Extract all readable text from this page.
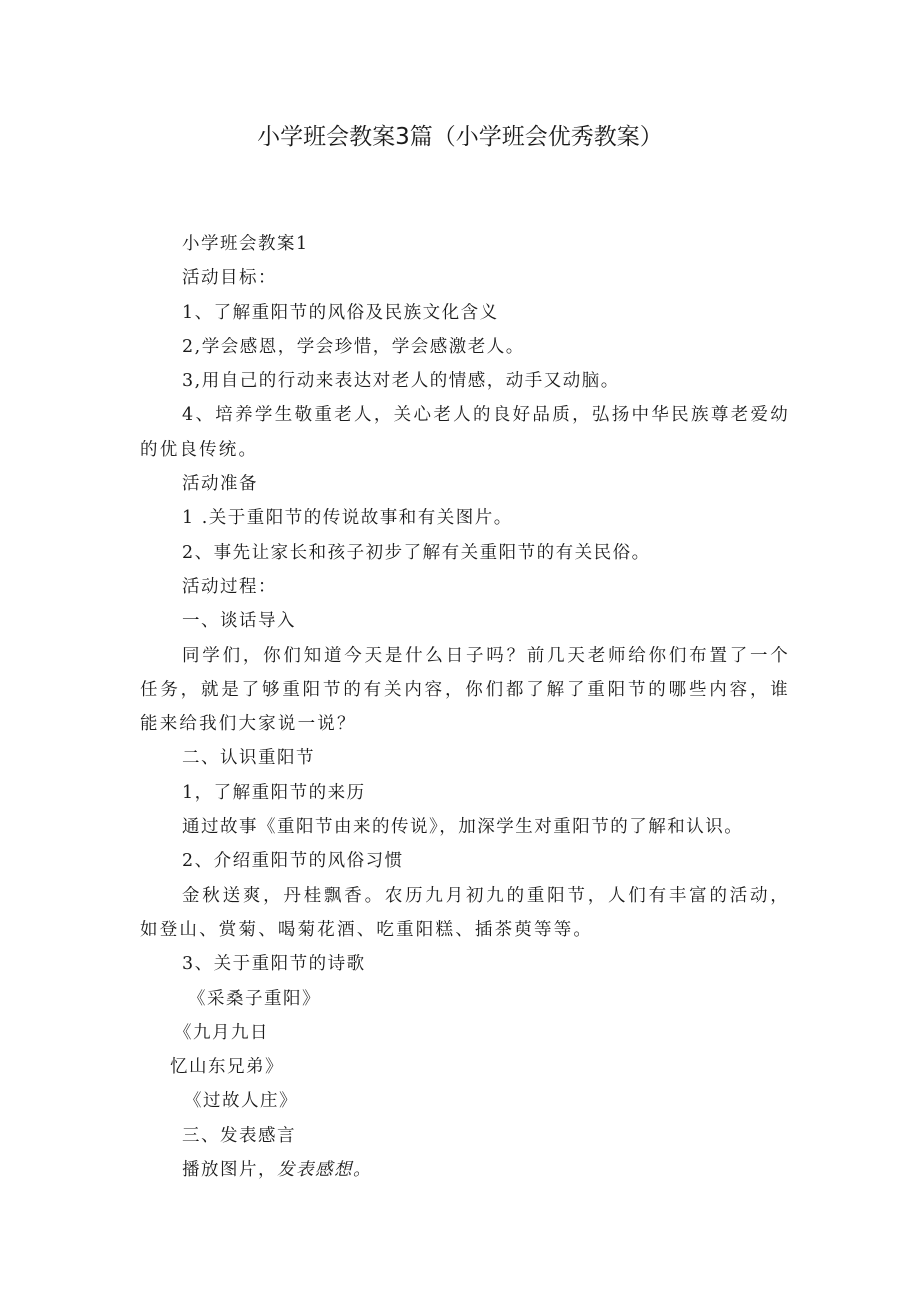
小学班会教案3篇（小学班会优秀教案）

小学班会教案1

活动目标：

1、了解重阳节的风俗及民族文化含义

2,学会感恩，学会珍惜，学会感激老人。

3,用自己的行动来表达对老人的情感，动手又动脑。

4、培养学生敬重老人，关心老人的良好品质，弘扬中华民族尊老爱幼的优良传统。

活动准备

1 .关于重阳节的传说故事和有关图片。

2、事先让家长和孩子初步了解有关重阳节的有关民俗。

活动过程：

一、谈话导入

同学们，你们知道今天是什么日子吗？前几天老师给你们布置了一个任务，就是了够重阳节的有关内容，你们都了解了重阳节的哪些内容，谁能来给我们大家说一说？

二、认识重阳节

1，了解重阳节的来历

通过故事《重阳节由来的传说》，加深学生对重阳节的了解和认识。

2、介绍重阳节的风俗习惯

金秋送爽，丹桂飘香。农历九月初九的重阳节，人们有丰富的活动，如登山、赏菊、喝菊花酒、吃重阳糕、插茶萸等等。

3、关于重阳节的诗歌

《采桑子重阳》

《九月九日

忆山东兄弟》

《过故人庄》

三、发表感言

播放图片，发表感想。
